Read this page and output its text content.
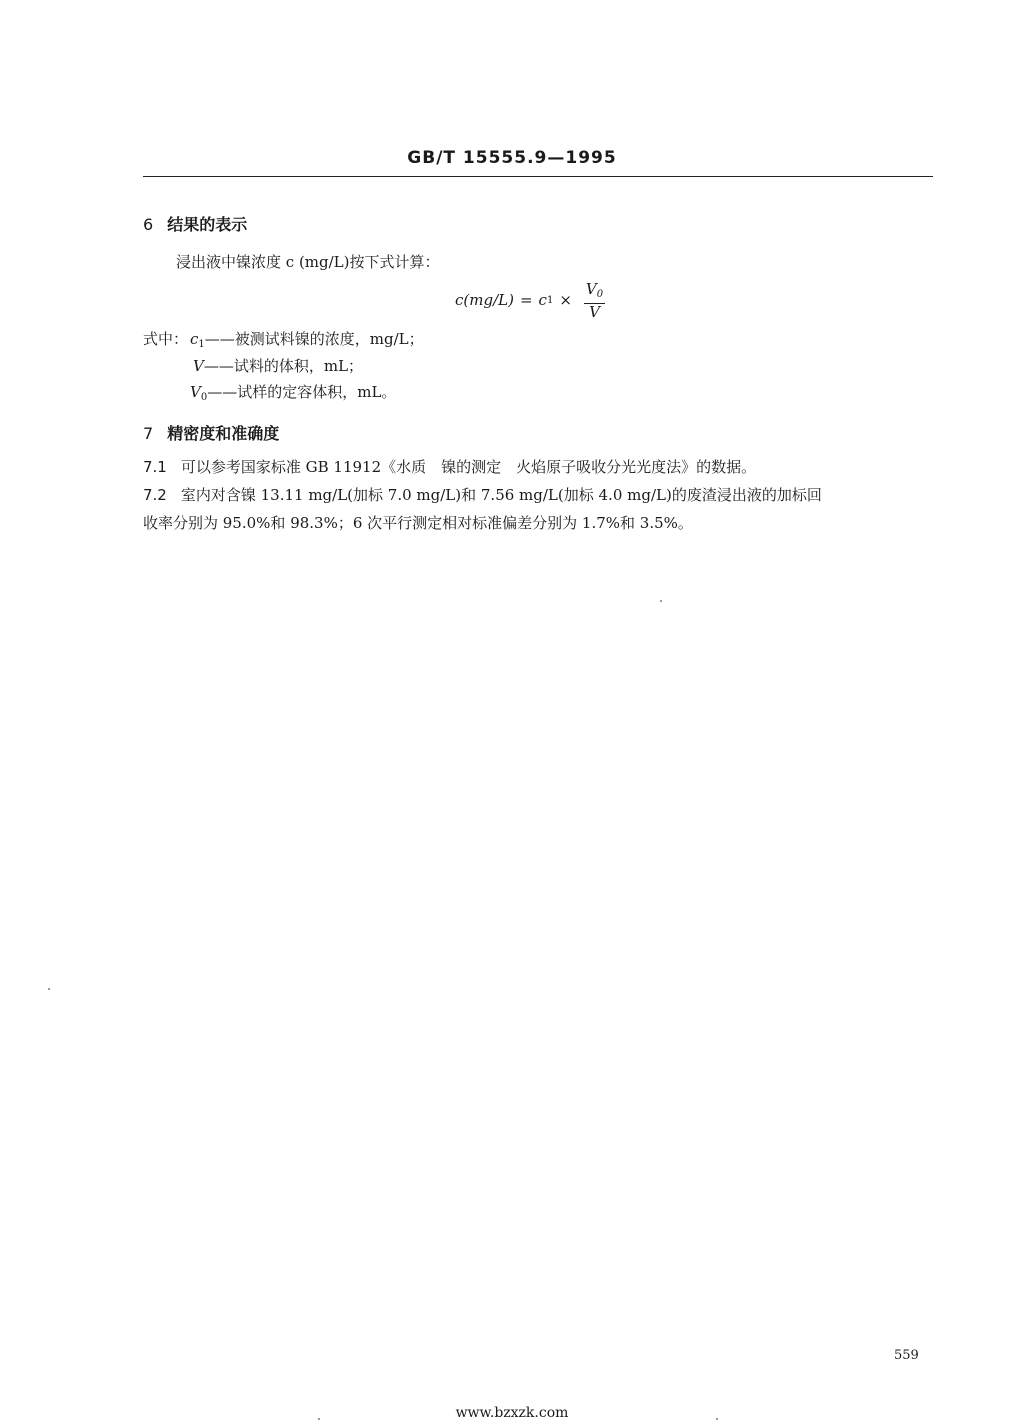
GB/T 15555.9—1995
6 结果的表示
浸出液中镍浓度 c (mg/L)按下式计算：
c(mg/L) = c $1 \times \frac{V_0}{V}$
式中： $c_1——$被测试料镍的浓度，mg/L；
V——试料的体积，mL；
$V_0——$试样的定容体积，mL。
7 精密度和准确度
7.1 可以参考国家标准 GB 11912《水质　镍的测定　火焰原子吸收分光光度法》的数据。
7.2 室内对含镍 13.11 mg/L(加标 7.0 mg/L)和 7.56 mg/L(加标 4.0 mg/L)的废渣浸出液的加标回
收率分别为 95.0%和 98.3%；6 次平行测定相对标准偏差分别为 1.7%和 3.5%。
559
www.bzxzk.com
